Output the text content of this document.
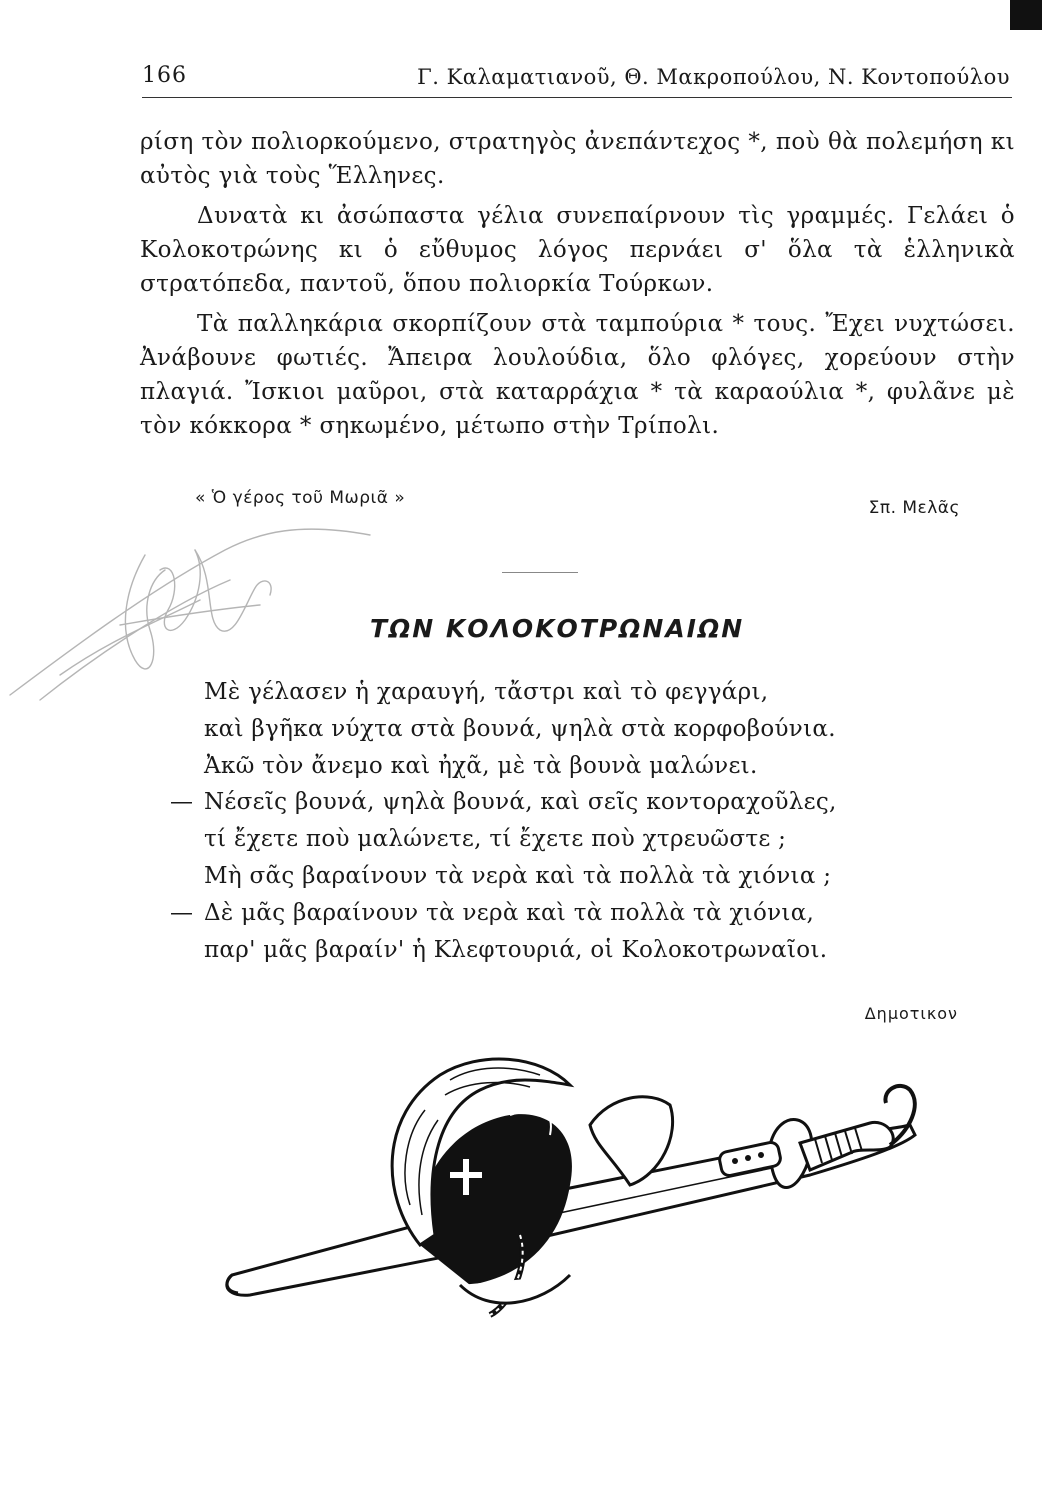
166	Γ. Καλαματιανοῦ, Θ. Μακροπούλου, Ν. Κοντοπούλου

ρίση τὸν πολιορκούμενο, στρατηγὸς ἀνεπάντεχος *, ποὺ θὰ πολεμήση κι αὐτὸς γιὰ τοὺς Ἕλληνες.

Δυνατὰ κι ἀσώπαστα γέλια συνεπαίρνουν τὶς γραμμές. Γελάει ὁ Κολοκοτρώνης κι ὁ εὔθυμος λόγος περνάει σ' ὅλα τὰ ἑλληνικὰ στρατόπεδα, παντοῦ, ὅπου πολιορκία Τούρκων.

Τὰ παλληκάρια σκορπίζουν στὰ ταμπούρια * τους. Ἔχει νυχτώσει. Ἀνάβουνε φωτιές. Ἄπειρα λουλούδια, ὅλο φλόγες, χορεύουν στὴν πλαγιά. Ἴσκιοι μαῦροι, στὰ καταρράχια * τὰ καραούλια *, φυλᾶνε μὲ τὸν κόκκορα * σηκωμένο, μέτωπο στὴν Τρίπολι.

« Ὁ γέρος τοῦ Μωριᾶ »	Σπ. Μελᾶς
ΤΩΝ ΚΟΛΟΚΟΤΡΩΝΑΙΩΝ
Μὲ γέλασεν ἡ χαραυγή, τἄστρι καὶ τὸ φεγγάρι,
καὶ βγῆκα νύχτα στὰ βουνά, ψηλὰ στὰ κορφοβούνια.
Ἀκῶ τὸν ἄνεμο καὶ ἠχᾶ, μὲ τὰ βουνὰ μαλώνει.
— Νέσεῖς βουνά, ψηλὰ βουνά, καὶ σεῖς κοντοραχοῦλες,
τί ἔχετε ποὺ μαλώνετε, τί ἔχετε ποὺ χτρευῶστε ;
Μὴ σᾶς βαραίνουν τὰ νερὰ καὶ τὰ πολλὰ τὰ χιόνια ;
— Δὲ μᾶς βαραίνουν τὰ νερὰ καὶ τὰ πολλὰ τὰ χιόνια,
παρ' μᾶς βαραίν' ἡ Κλεφτουριά, οἱ Κολοκοτρωναῖοι.
Δημοτικον
